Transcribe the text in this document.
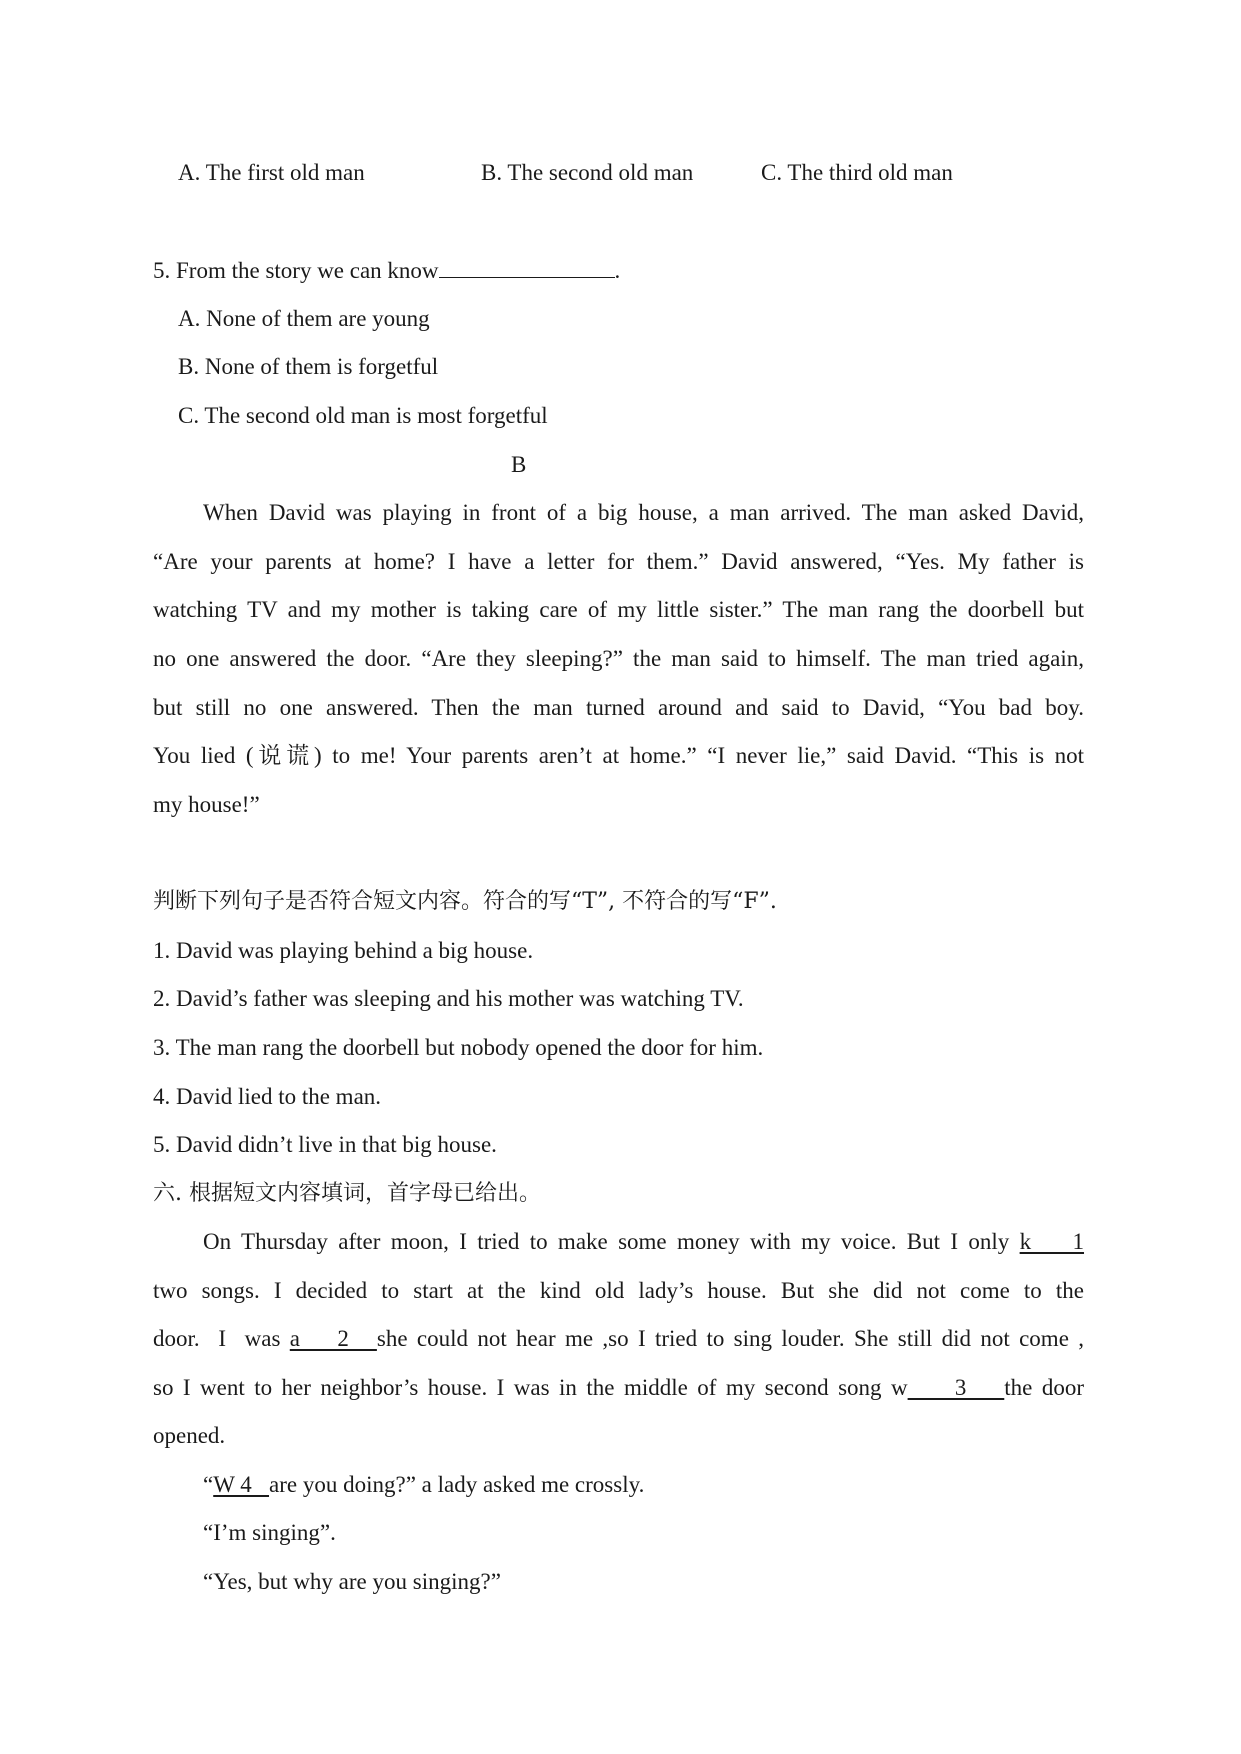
A. The first old man	B. The second old man	C. The third old man
5. From the story we can know	.
A. None of them are young
B. None of them is forgetful
C. The second old man is most forgetful
B
When David was playing in front of a big house, a man arrived. The man asked David,
“Are your parents at home? I have a letter for them.” David answered, “Yes. My father is
watching TV and my mother is taking care of my little sister.” The man rang the doorbell but
no one answered the door. “Are they sleeping?” the man said to himself. The man tried again,
but still no one answered. Then the man turned around and said to David, “You bad boy.
You lied (说谎) to me! Your parents aren’t at home.” “I never lie,” said David. “This is not
my house!”
判断下列句子是否符合短文内容。符合的写“T”, 不符合的写“F”.
1. David was playing behind a big house.
2. David’s father was sleeping and his mother was watching TV.
3. The man rang the doorbell but nobody opened the door for him.
4. David lied to the man.
5. David didn’t live in that big house.
六. 根据短文内容填词，首字母已给出。
On Thursday after moon, I tried to make some money with my voice. But I only k    1
two songs. I decided to start at the kind old lady’s house. But she did not come to the
door.  I  was a    2   she could not hear me ,so I tried to sing louder. She still did not come ,
so I went to her neighbor’s house. I was in the middle of my second song w     3    the door
opened.
“W 4   are you doing?” a lady asked me crossly.
“I’m singing”.
“Yes, but why are you singing?”
